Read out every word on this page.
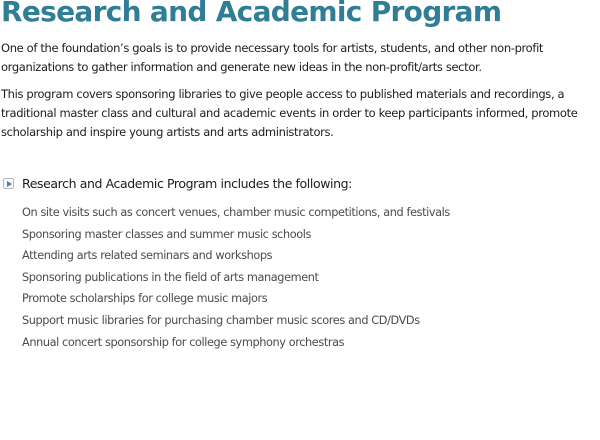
Research and Academic Program

One of the foundation’s goals is to provide necessary tools for artists, students, and other non-profit organizations to gather information and generate new ideas in the non-profit/arts sector.

This program covers sponsoring libraries to give people access to published materials and recordings, a traditional master class and cultural and academic events in order to keep participants informed, promote scholarship and inspire young artists and arts administrators.

Research and Academic Program includes the following:
On site visits such as concert venues, chamber music competitions, and festivals
Sponsoring master classes and summer music schools
Attending arts related seminars and workshops
Sponsoring publications in the field of arts management
Promote scholarships for college music majors
Support music libraries for purchasing chamber music scores and CD/DVDs
Annual concert sponsorship for college symphony orchestras
